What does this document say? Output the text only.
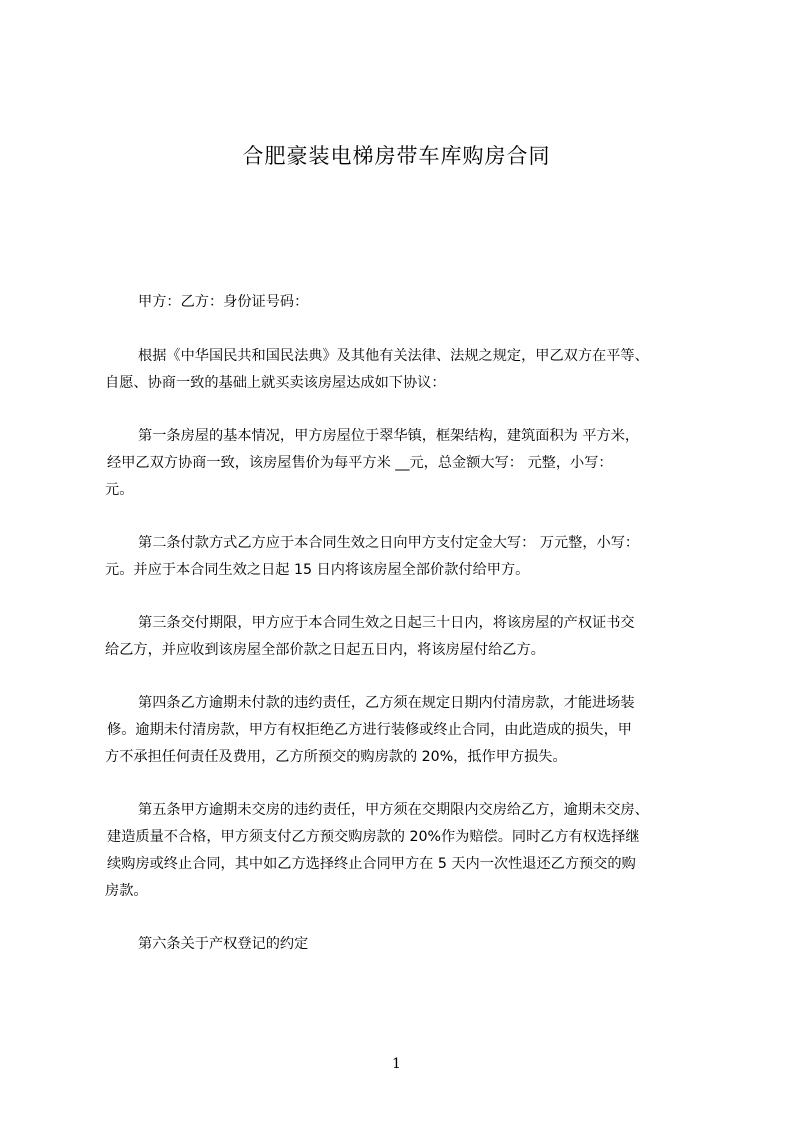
合肥豪装电梯房带车库购房合同
甲方：乙方：身份证号码：
根据《中华国民共和国民法典》及其他有关法律、法规之规定，甲乙双方在平等、
自愿、协商一致的基础上就买卖该房屋达成如下协议：
第一条房屋的基本情况，甲方房屋位于翠华镇，框架结构，建筑面积为 平方米，
经甲乙双方协商一致，该房屋售价为每平方米 __元，总金额大写： 元整，小写：
元。
第二条付款方式乙方应于本合同生效之日向甲方支付定金大写： 万元整，小写：
元。并应于本合同生效之日起 15 日内将该房屋全部价款付给甲方。
第三条交付期限，甲方应于本合同生效之日起三十日内，将该房屋的产权证书交
给乙方，并应收到该房屋全部价款之日起五日内，将该房屋付给乙方。
第四条乙方逾期未付款的违约责任，乙方须在规定日期内付清房款，才能进场装
修。逾期未付清房款，甲方有权拒绝乙方进行装修或终止合同，由此造成的损失，甲
方不承担任何责任及费用，乙方所预交的购房款的 20%，抵作甲方损失。
第五条甲方逾期未交房的违约责任，甲方须在交期限内交房给乙方，逾期未交房、
建造质量不合格，甲方须支付乙方预交购房款的 20%作为赔偿。同时乙方有权选择继
续购房或终止合同，其中如乙方选择终止合同甲方在 5 天内一次性退还乙方预交的购
房款。
第六条关于产权登记的约定
1
